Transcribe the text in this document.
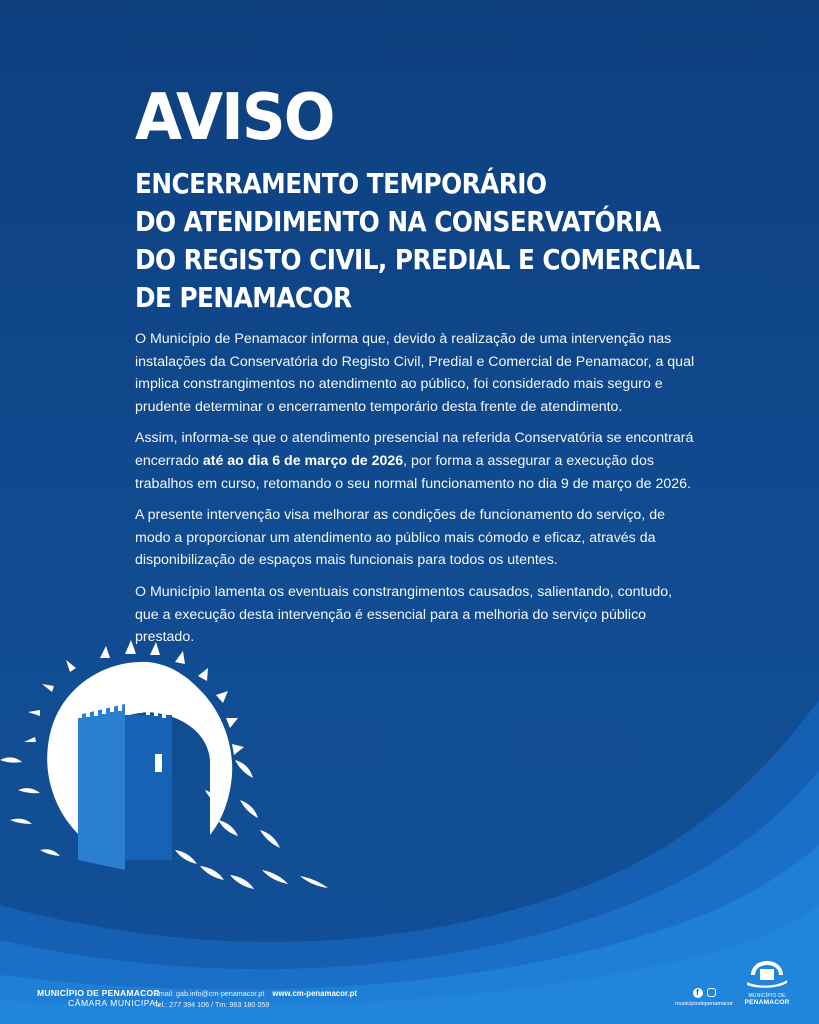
AVISO
ENCERRAMENTO TEMPORÁRIO
DO ATENDIMENTO NA CONSERVATÓRIA
DO REGISTO CIVIL, PREDIAL E COMERCIAL
DE PENAMACOR

O Município de Penamacor informa que, devido à realização de uma intervenção nas instalações da Conservatória do Registo Civil, Predial e Comercial de Penamacor, a qual implica constrangimentos no atendimento ao público, foi considerado mais seguro e prudente determinar o encerramento temporário desta frente de atendimento.

Assim, informa-se que o atendimento presencial na referida Conservatória se encontrará encerrado até ao dia 6 de março de 2026, por forma a assegurar a execução dos trabalhos em curso, retomando o seu normal funcionamento no dia 9 de março de 2026.

A presente intervenção visa melhorar as condições de funcionamento do serviço, de modo a proporcionar um atendimento ao público mais cómodo e eficaz, através da disponibilização de espaços mais funcionais para todos os utentes.

O Município lamenta os eventuais constrangimentos causados, salientando, contudo, que a execução desta intervenção é essencial para a melhoria do serviço público prestado.

MUNICÍPIO DE PENAMACOR
CÂMARA MUNICIPAL
Email: gab.info@cm-penamacor.pt www.cm-penamacor.pt
Tel.: 277 394 106 / Tm: 963 180 059
f
municipiodepenamacor
MUNICÍPIO DE
PENAMACOR
